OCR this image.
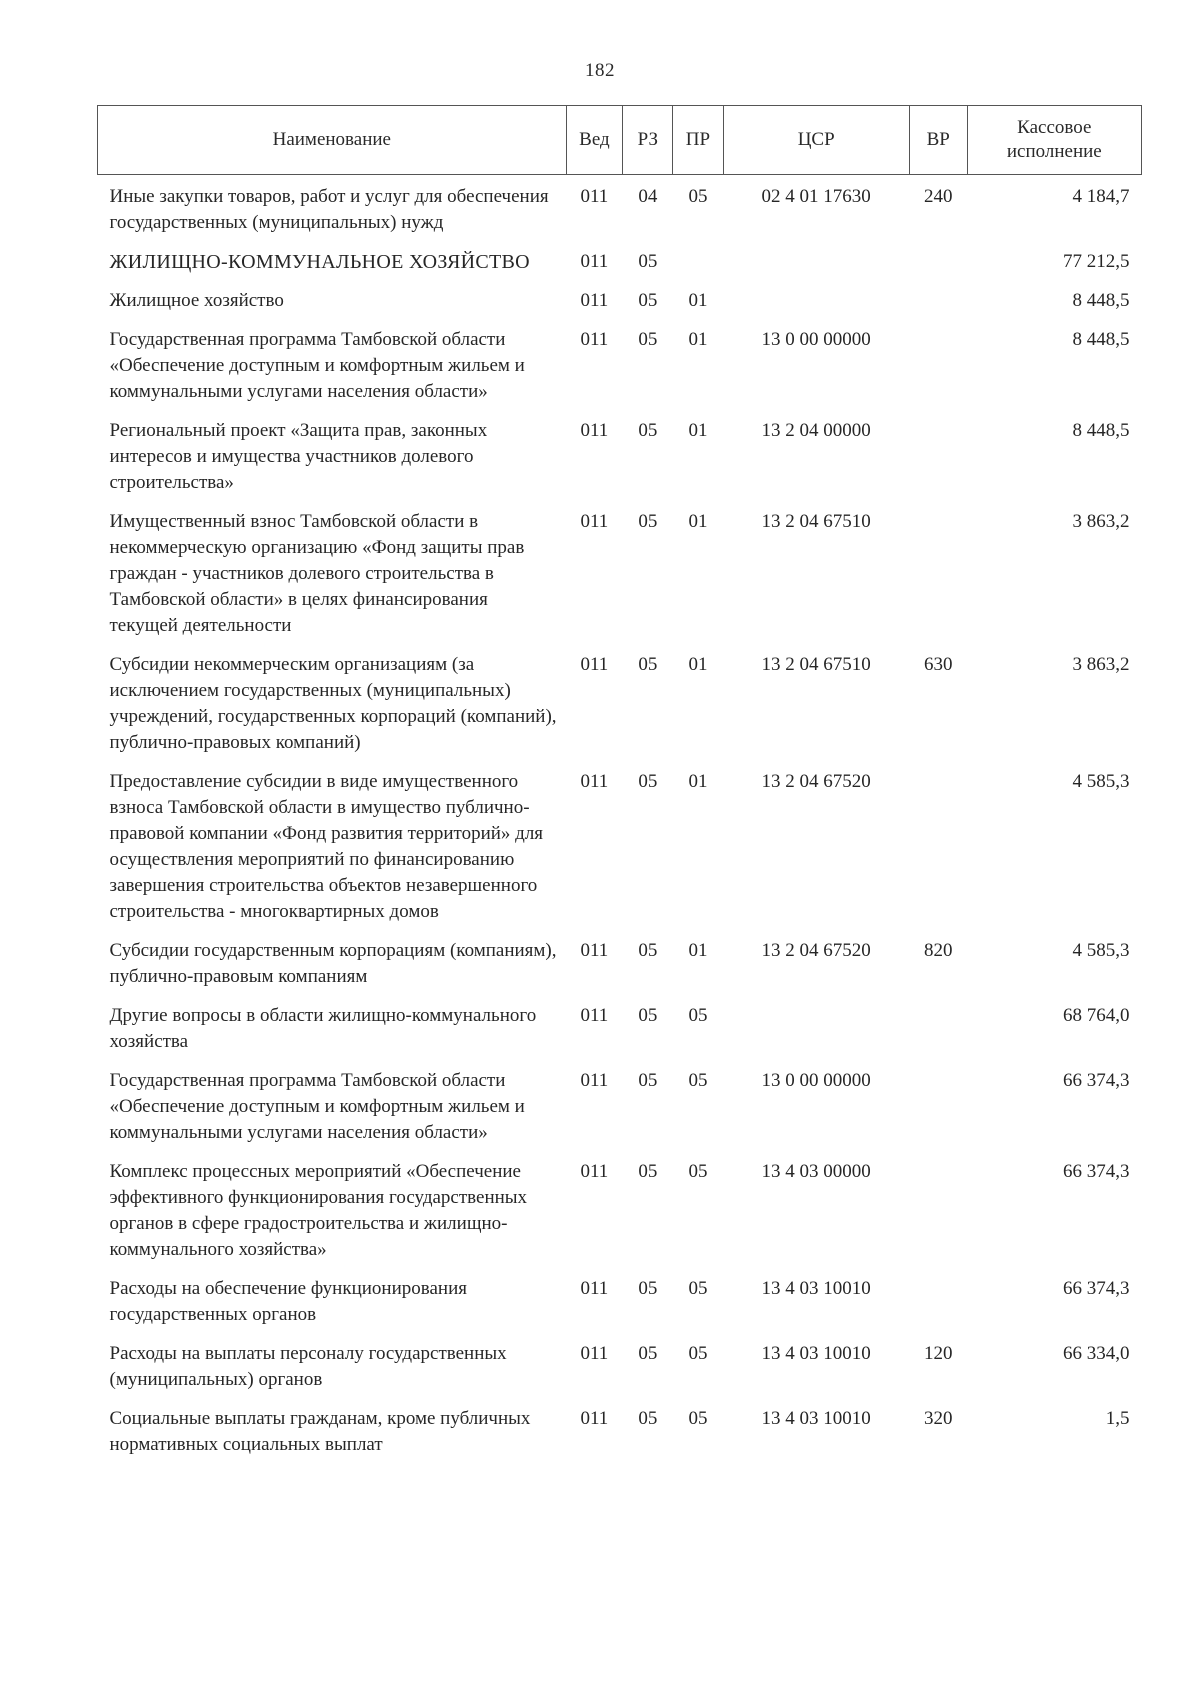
182
Наименование	Вед	РЗ	ПР	ЦСР	ВР	Кассовое исполнение
Иные закупки товаров, работ и услуг для обеспечения государственных (муниципальных) нужд	011	04	05	02 4 01 17630	240	4 184,7
ЖИЛИЩНО-КОММУНАЛЬНОЕ ХОЗЯЙСТВО	011	05				77 212,5
Жилищное хозяйство	011	05	01			8 448,5
Государственная программа Тамбовской области «Обеспечение доступным и комфортным жильем и коммунальными услугами населения области»	011	05	01	13 0 00 00000		8 448,5
Региональный проект «Защита прав, законных интересов и имущества участников долевого строительства»	011	05	01	13 2 04 00000		8 448,5
Имущественный взнос Тамбовской области в некоммерческую организацию «Фонд защиты прав граждан - участников долевого строительства в Тамбовской области» в целях финансирования текущей деятельности	011	05	01	13 2 04 67510		3 863,2
Субсидии некоммерческим организациям (за исключением государственных (муниципальных) учреждений, государственных корпораций (компаний), публично-правовых компаний)	011	05	01	13 2 04 67510	630	3 863,2
Предоставление субсидии в виде имущественного взноса Тамбовской области в имущество публично-правовой компании «Фонд развития территорий» для осуществления мероприятий по финансированию завершения строительства объектов незавершенного строительства - многоквартирных домов	011	05	01	13 2 04 67520		4 585,3
Субсидии государственным корпорациям (компаниям), публично-правовым компаниям	011	05	01	13 2 04 67520	820	4 585,3
Другие вопросы в области жилищно-коммунального хозяйства	011	05	05			68 764,0
Государственная программа Тамбовской области «Обеспечение доступным и комфортным жильем и коммунальными услугами населения области»	011	05	05	13 0 00 00000		66 374,3
Комплекс процессных мероприятий «Обеспечение эффективного функционирования государственных органов в сфере градостроительства и жилищно-коммунального хозяйства»	011	05	05	13 4 03 00000		66 374,3
Расходы на обеспечение функционирования государственных органов	011	05	05	13 4 03 10010		66 374,3
Расходы на выплаты персоналу государственных (муниципальных) органов	011	05	05	13 4 03 10010	120	66 334,0
Социальные выплаты гражданам, кроме публичных нормативных социальных выплат	011	05	05	13 4 03 10010	320	1,5
